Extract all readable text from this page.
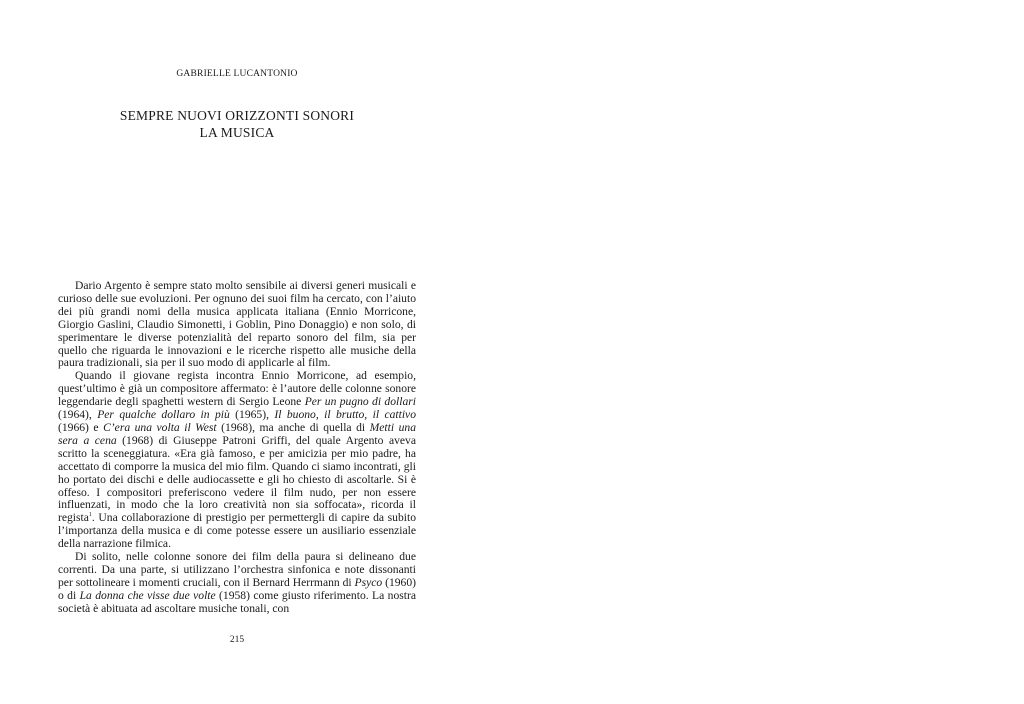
GABRIELLE LUCANTONIO
SEMPRE NUOVI ORIZZONTI SONORI
LA MUSICA

Dario Argento è sempre stato molto sensibile ai diversi generi musicali e curioso delle sue evoluzioni. Per ognuno dei suoi film ha cercato, con l’aiuto dei più grandi nomi della musica applicata italiana (Ennio Morricone, Giorgio Gaslini, Claudio Simonetti, i Goblin, Pino Donaggio) e non solo, di sperimentare le diverse potenzialità del reparto sonoro del film, sia per quello che riguarda le innovazioni e le ricerche rispetto alle musiche della paura tradizionali, sia per il suo modo di applicarle al film.

Quando il giovane regista incontra Ennio Morricone, ad esempio, quest’ultimo è già un compositore affermato: è l’autore delle colonne sonore leggendarie degli spaghetti western di Sergio Leone Per un pugno di dollari (1964), Per qualche dollaro in più (1965), Il buono, il brutto, il cattivo (1966) e C’era una volta il West (1968), ma anche di quella di Metti una sera a cena (1968) di Giuseppe Patroni Griffi, del quale Argento aveva scritto la sceneggiatura. «Era già famoso, e per amicizia per mio padre, ha accettato di comporre la musica del mio film. Quando ci siamo incontrati, gli ho portato dei dischi e delle audiocassette e gli ho chiesto di ascoltarle. Si è offeso. I compositori preferiscono vedere il film nudo, per non essere influenzati, in modo che la loro creatività non sia soffocata», ricorda il regista$^1$. Una collaborazione di prestigio per permettergli di capire da subito l’importanza della musica e di come potesse essere un ausiliario essenziale della narrazione filmica.

Di solito, nelle colonne sonore dei film della paura si delineano due correnti. Da una parte, si utilizzano l’orchestra sinfonica e note dissonanti per sottolineare i momenti cruciali, con il Bernard Herrmann di Psyco (1960) o di La donna che visse due volte (1958) come giusto riferimento. La nostra società è abituata ad ascoltare musiche tonali, con

215
